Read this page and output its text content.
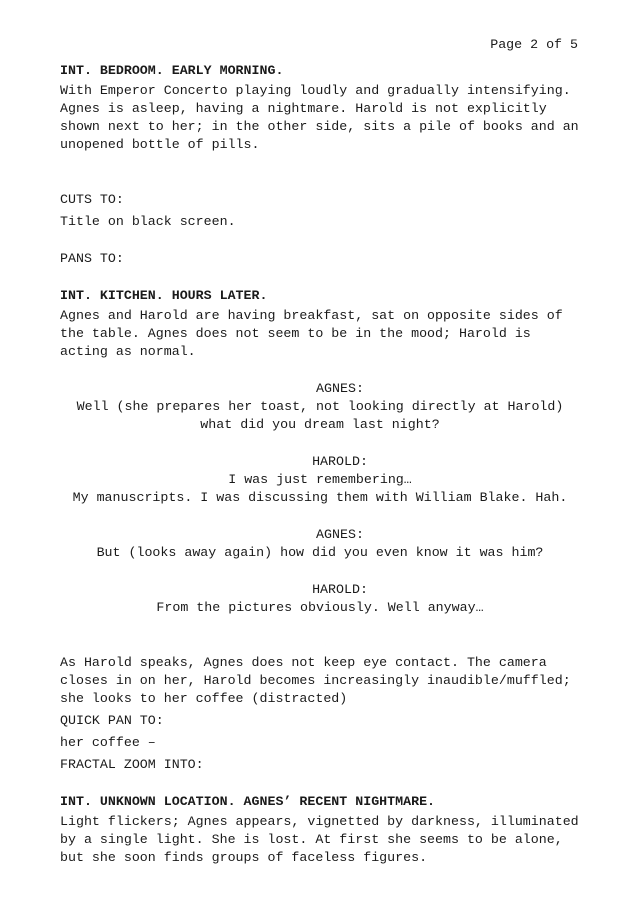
Page 2 of 5

INT. BEDROOM. EARLY MORNING.

With Emperor Concerto playing loudly and gradually intensifying. Agnes is asleep, having a nightmare. Harold is not explicitly shown next to her; in the other side, sits a pile of books and an unopened bottle of pills.

CUTS TO:

Title on black screen.

PANS TO:

INT. KITCHEN. HOURS LATER.

Agnes and Harold are having breakfast, sat on opposite sides of the table. Agnes does not seem to be in the mood; Harold is acting as normal.

AGNES:

Well (she prepares her toast, not looking directly at Harold) what did you dream last night?

HAROLD:

I was just remembering…

My manuscripts. I was discussing them with William Blake. Hah.

AGNES:

But (looks away again) how did you even know it was him?

HAROLD:

From the pictures obviously. Well anyway…

As Harold speaks, Agnes does not keep eye contact. The camera closes in on her, Harold becomes increasingly inaudible/muffled; she looks to her coffee (distracted)

QUICK PAN TO:

her coffee –

FRACTAL ZOOM INTO:

INT. UNKNOWN LOCATION. AGNES’ RECENT NIGHTMARE.

Light flickers; Agnes appears, vignetted by darkness, illuminated by a single light. She is lost. At first she seems to be alone, but she soon finds groups of faceless figures.
